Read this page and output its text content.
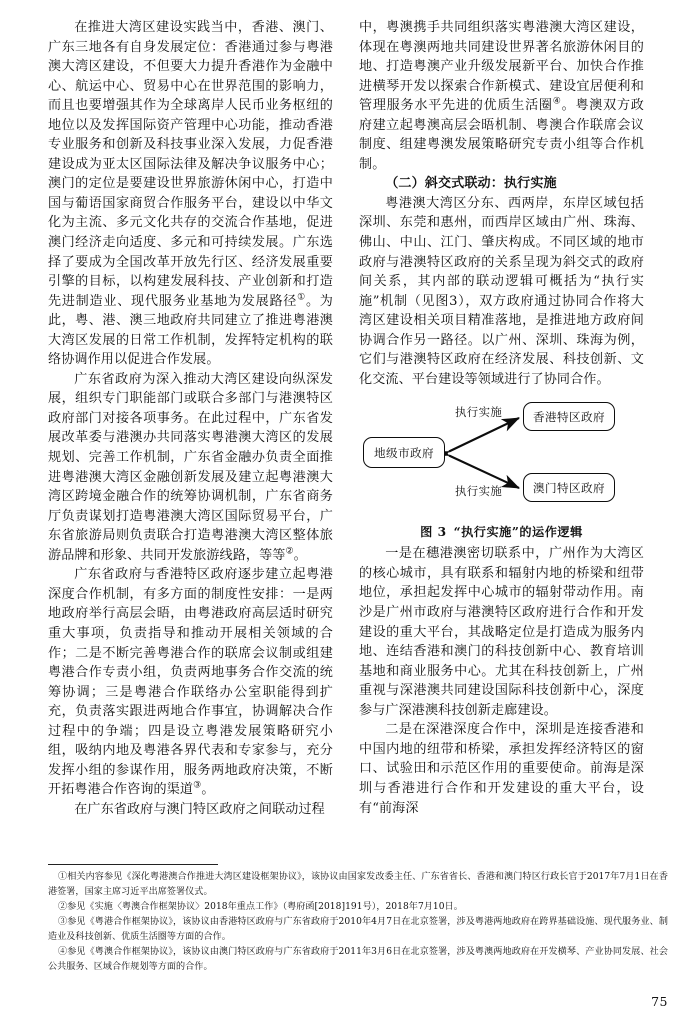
在推进大湾区建设实践当中，香港、澳门、广东三地各有自身发展定位：香港通过参与粤港澳大湾区建设，不但要大力提升香港作为金融中心、航运中心、贸易中心在世界范围的影响力，而且也要增强其作为全球离岸人民币业务枢纽的地位以及发挥国际资产管理中心功能，推动香港专业服务和创新及科技事业深入发展，力促香港建设成为亚太区国际法律及解决争议服务中心；澳门的定位是要建设世界旅游休闲中心，打造中国与葡语国家商贸合作服务平台，建设以中华文化为主流、多元文化共存的交流合作基地，促进澳门经济走向适度、多元和可持续发展。广东选择了要成为全国改革开放先行区、经济发展重要引擎的目标，以构建发展科技、产业创新和打造先进制造业、现代服务业基地为发展路径①。为此，粤、港、澳三地政府共同建立了推进粤港澳大湾区发展的日常工作机制，发挥特定机构的联络协调作用以促进合作发展。

广东省政府为深入推动大湾区建设向纵深发展，组织专门职能部门或联合多部门与港澳特区政府部门对接各项事务。在此过程中，广东省发展改革委与港澳办共同落实粤港澳大湾区的发展规划、完善工作机制，广东省金融办负责全面推进粤港澳大湾区金融创新发展及建立起粤港澳大湾区跨境金融合作的统筹协调机制，广东省商务厅负责谋划打造粤港澳大湾区国际贸易平台，广东省旅游局则负责联合打造粤港澳大湾区整体旅游品牌和形象、共同开发旅游线路，等等②。

广东省政府与香港特区政府逐步建立起粤港深度合作机制，有多方面的制度性安排：一是两地政府举行高层会晤，由粤港政府高层适时研究重大事项，负责指导和推动开展相关领域的合作；二是不断完善粤港合作的联席会议制或组建粤港合作专责小组，负责两地事务合作交流的统筹协调；三是粤港合作联络办公室职能得到扩充，负责落实跟进两地合作事宜，协调解决合作过程中的争端；四是设立粤港发展策略研究小组，吸纳内地及粤港各界代表和专家参与，充分发挥小组的参谋作用，服务两地政府决策，不断开拓粤港合作咨询的渠道③。

在广东省政府与澳门特区政府之间联动过程

中，粤澳携手共同组织落实粤港澳大湾区建设，体现在粤澳两地共同建设世界著名旅游休闲目的地、打造粤澳产业升级发展新平台、加快合作推进横琴开发以探索合作新模式、建设宜居便利和管理服务水平先进的优质生活圈④。粤澳双方政府建立起粤澳高层会晤机制、粤澳合作联席会议制度、组建粤澳发展策略研究专责小组等合作机制。

（二）斜交式联动：执行实施

粤港澳大湾区分东、西两岸，东岸区域包括深圳、东莞和惠州，而西岸区域由广州、珠海、佛山、中山、江门、肇庆构成。不同区域的地市政府与港澳特区政府的关系呈现为斜交式的政府间关系，其内部的联动逻辑可概括为“执行实施”机制（见图3），双方政府通过协同合作将大湾区建设相关项目精准落地，是推进地方政府间协调合作另一路径。以广州、深圳、珠海为例，它们与港澳特区政府在经济发展、科技创新、文化交流、平台建设等领域进行了协同合作。

地级市政府
香港特区政府
澳门特区政府
执行实施
执行实施
图 3 “执行实施”的运作逻辑

一是在穗港澳密切联系中，广州作为大湾区的核心城市，具有联系和辐射内地的桥梁和纽带地位，承担起发挥中心城市的辐射带动作用。南沙是广州市政府与港澳特区政府进行合作和开发建设的重大平台，其战略定位是打造成为服务内地、连结香港和澳门的科技创新中心、教育培训基地和商业服务中心。尤其在科技创新上，广州重视与深港澳共同建设国际科技创新中心，深度参与广深港澳科技创新走廊建设。

二是在深港深度合作中，深圳是连接香港和中国内地的纽带和桥梁，承担发挥经济特区的窗口、试验田和示范区作用的重要使命。前海是深圳与香港进行合作和开发建设的重大平台，设有“前海深

①相关内容参见《深化粤港澳合作推进大湾区建设框架协议》，该协议由国家发改委主任、广东省省长、香港和澳门特区行政长官于2017年7月1日在香港签署，国家主席习近平出席签署仪式。

②参见《实施〈粤澳合作框架协议〉2018年重点工作》（粤府函[2018]191号），2018年7月10日。

③参见《粤港合作框架协议》，该协议由香港特区政府与广东省政府于2010年4月7日在北京签署，涉及粤港两地政府在跨界基础设施、现代服务业、制造业及科技创新、优质生活圈等方面的合作。

④参见《粤澳合作框架协议》，该协议由澳门特区政府与广东省政府于2011年3月6日在北京签署，涉及粤澳两地政府在开发横琴、产业协同发展、社会公共服务、区域合作规划等方面的合作。

75
